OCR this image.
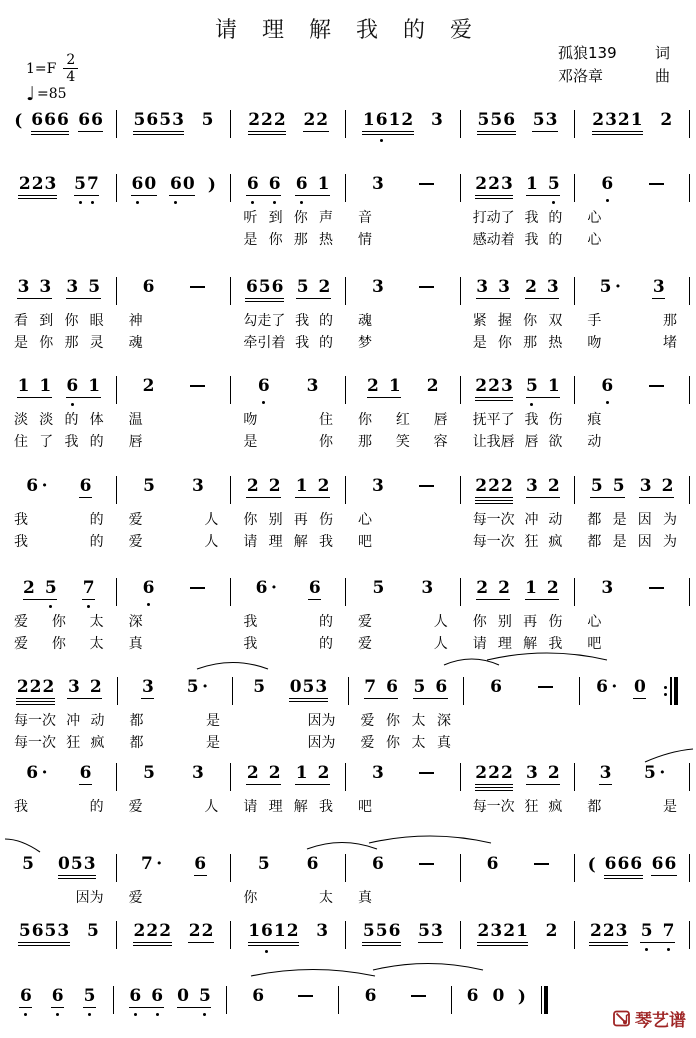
请 理 解 我 的 爱
孤狼139	词
邓洛章	曲
$1=F \frac{2}{4}$
♩ =85
( 666 66 5653 5 222 22 1612 3 556 53 2321 2
223 57 60 60 ) 6 6 6 1	3	223 1 5 6
听 到 你 声 音	打动了 我 的 心
是 你 那 热 情	感动着 我 的 心
3 3 3 5	6	656 5 2 3	3 3 2 3 5 · 3
看 到 你 眼 神	勾走了 我 的 魂	紧 握 你 双 手	那
是 你 那 灵 魂	牵引着 我 的 梦	是 你 那 热 吻	堵
1 1 6 1	2	6 3	2 1 2 223 5 1 6
淡 淡 的 体 温	吻	住 你 红 唇 抚平了 我 伤 痕
住 了 我 的 唇	是	你 那 笑 容 让我唇 唇 欲 动
6 · 6	5 3	2 2 1 2	3	222 3 2 5 5 3 2
我	的 爱	人 你 别 再 伤 心	每一次 冲 动 都 是 因 为
我	的 爱	人 请 理 解 我 吧	每一次 狂 疯 都 是 因 为
2 5 7	6	6 · 6	5 3	2 2 1 2	3
爱 你 太 深	我	的 爱	人 你 别 再 伤 心
爱 你 太 真	我	的 爱	人 请 理 解 我 吧
222 3 2 3 5 ·	5 053 7 6 5 6	6	6 · 0
每一次 冲 动 都	是	因为 爱 你 太 深
每一次 狂 疯 都	是	因为 爱 你 太 真
6 · 6	5 3	2 2 1 2	3	222 3 2 3 5 ·
我	的 爱	人 请 理 解 我 吧	每一次 狂 疯 都	是
5 053	7 · 6	5 6	6	6	( 666 66
因为 爱	你	太 真
5653 5 222 22 1612 3 556 53 2321 2 223 5 7
6 6 5 6 6 0 5 6	6	6 0 )
琴艺谱
